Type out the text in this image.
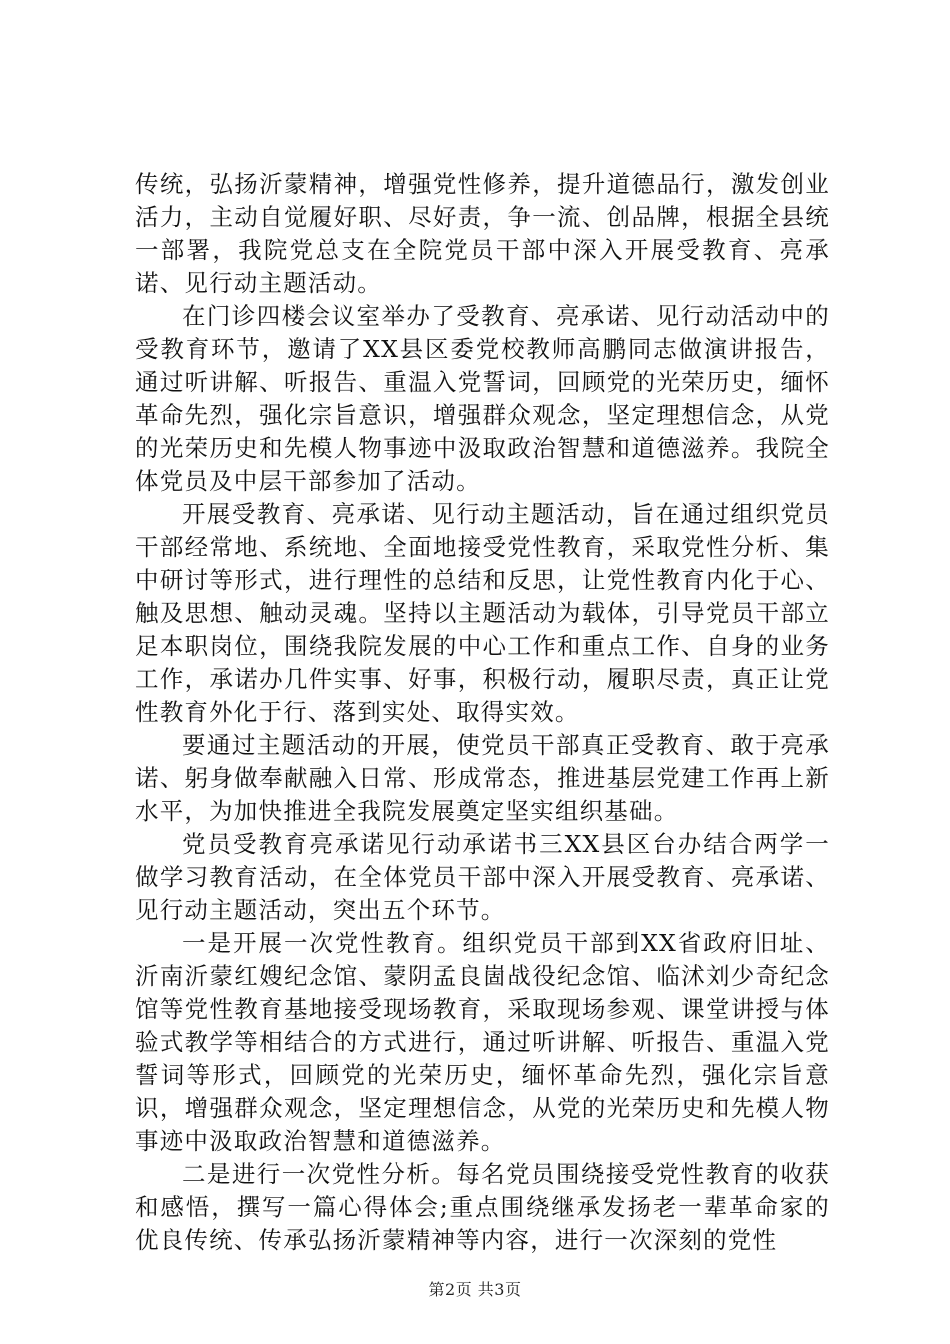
传统，弘扬沂蒙精神，增强党性修养，提升道德品行，激发创业活力，主动自觉履好职、尽好责，争一流、创品牌，根据全县统一部署，我院党总支在全院党员干部中深入开展受教育、亮承诺、见行动主题活动。

在门诊四楼会议室举办了受教育、亮承诺、见行动活动中的受教育环节，邀请了XX县区委党校教师高鹏同志做演讲报告，通过听讲解、听报告、重温入党誓词，回顾党的光荣历史，缅怀革命先烈，强化宗旨意识，增强群众观念，坚定理想信念，从党的光荣历史和先模人物事迹中汲取政治智慧和道德滋养。我院全体党员及中层干部参加了活动。

开展受教育、亮承诺、见行动主题活动，旨在通过组织党员干部经常地、系统地、全面地接受党性教育，采取党性分析、集中研讨等形式，进行理性的总结和反思，让党性教育内化于心、触及思想、触动灵魂。坚持以主题活动为载体，引导党员干部立足本职岗位，围绕我院发展的中心工作和重点工作、自身的业务工作，承诺办几件实事、好事，积极行动，履职尽责，真正让党性教育外化于行、落到实处、取得实效。

要通过主题活动的开展，使党员干部真正受教育、敢于亮承诺、躬身做奉献融入日常、形成常态，推进基层党建工作再上新水平，为加快推进全我院发展奠定坚实组织基础。

党员受教育亮承诺见行动承诺书三XX县区台办结合两学一做学习教育活动，在全体党员干部中深入开展受教育、亮承诺、见行动主题活动，突出五个环节。

一是开展一次党性教育。组织党员干部到XX省政府旧址、沂南沂蒙红嫂纪念馆、蒙阴孟良崮战役纪念馆、临沭刘少奇纪念馆等党性教育基地接受现场教育，采取现场参观、课堂讲授与体验式教学等相结合的方式进行，通过听讲解、听报告、重温入党誓词等形式，回顾党的光荣历史，缅怀革命先烈，强化宗旨意识，增强群众观念，坚定理想信念，从党的光荣历史和先模人物事迹中汲取政治智慧和道德滋养。

二是进行一次党性分析。每名党员围绕接受党性教育的收获和感悟，撰写一篇心得体会;重点围绕继承发扬老一辈革命家的优良传统、传承弘扬沂蒙精神等内容，进行一次深刻的党性

第2页 共3页
